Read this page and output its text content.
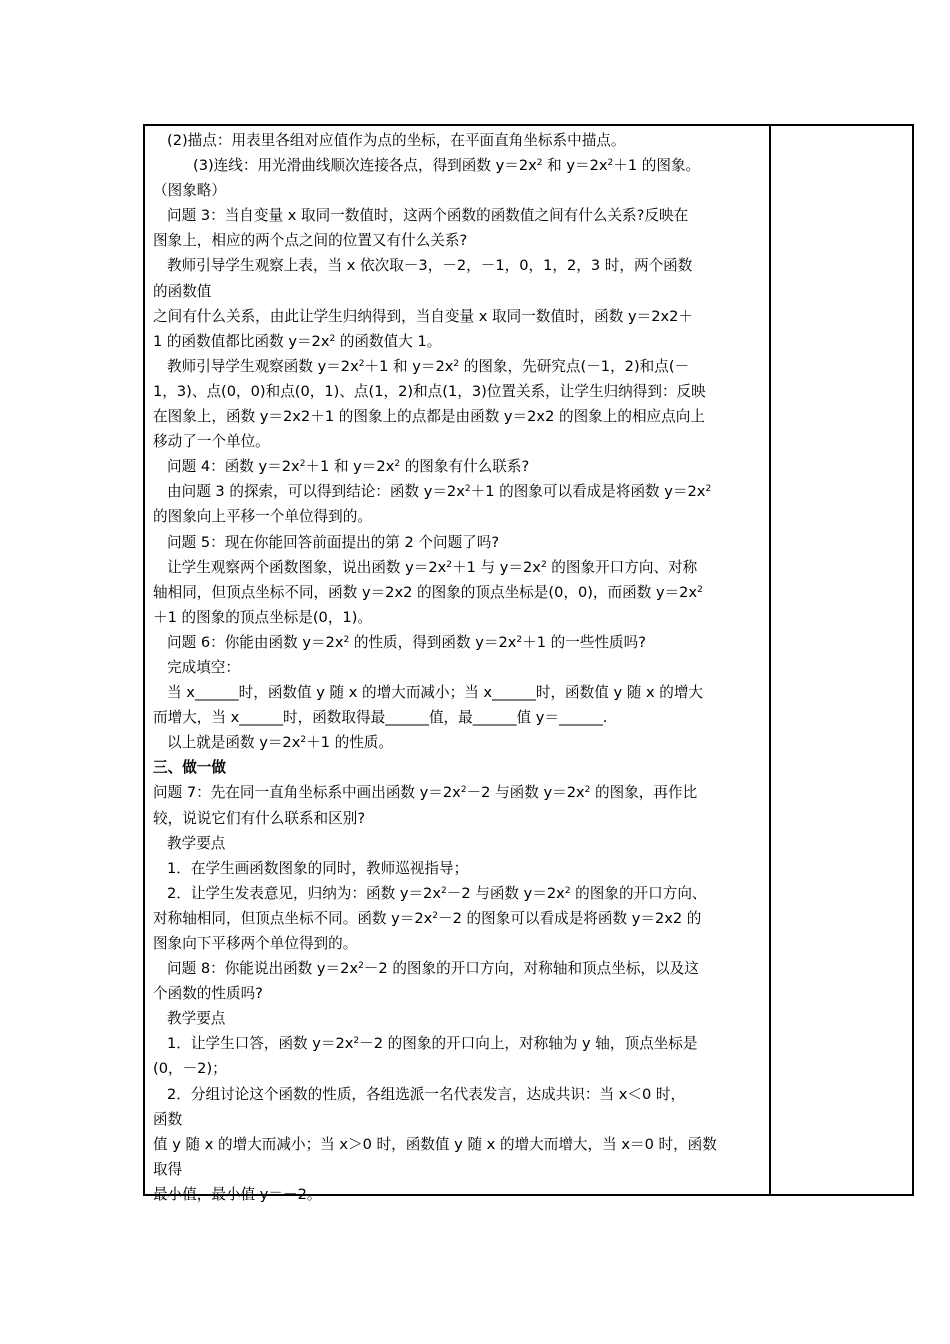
(2)描点：用表里各组对应值作为点的坐标，在平面直角坐标系中描点。
(3)连线：用光滑曲线顺次连接各点，得到函数 $y=2x^2$ 和 $y=2x^2+1$ 的图象。
（图象略）
问题 3：当自变量 x 取同一数值时，这两个函数的函数值之间有什么关系?反映在
图象上，相应的两个点之间的位置又有什么关系?
教师引导学生观察上表，当 x 依次取－3，－2，－1，0，1，2，3 时，两个函数
的函数值
之间有什么关系，由此让学生归纳得到，当自变量 x 取同一数值时，函数 y＝2x2＋
1 的函数值都比函数 $y=2x^2$ 的函数值大 1。
教师引导学生观察函数 $y=2x^2+1$ 和 $y=2x^2$ 的图象，先研究点(－1，2)和点(－
1，3)、点(0，0)和点(0，1)、点(1，2)和点(1，3)位置关系，让学生归纳得到：反映
在图象上，函数 y＝2x2＋1 的图象上的点都是由函数 y＝2x2 的图象上的相应点向上
移动了一个单位。
问题 4：函数 $y=2x^2+1$ 和 $y=2x^2$ 的图象有什么联系?
由问题 3 的探索，可以得到结论：函数 $y=2x^2+1$ 的图象可以看成是将函数 $y=2x^2$
的图象向上平移一个单位得到的。
问题 5：现在你能回答前面提出的第 2 个问题了吗?
让学生观察两个函数图象，说出函数 $y=2x^2+1$ 与 $y=2x^2$ 的图象开口方向、对称
轴相同，但顶点坐标不同，函数 y＝2x2 的图象的顶点坐标是(0，0)，而函数 $y=2x^2$
＋1 的图象的顶点坐标是(0，1)。
问题 6：你能由函数 $y=2x^2$ 的性质，得到函数 $y=2x^2+1$ 的一些性质吗?
完成填空：
当 x______时，函数值 y 随 x 的增大而减小；当 x______时，函数值 y 随 x 的增大
而增大，当 x______时，函数取得最______值，最______值 y＝______.
以上就是函数 $y=2x^2+1$ 的性质。
三、做一做
问题 7：先在同一直角坐标系中画出函数 $y=2x^2-2$ 与函数 $y=2x^2$ 的图象，再作比
较，说说它们有什么联系和区别?
教学要点
1．在学生画函数图象的同时，教师巡视指导；
2．让学生发表意见，归纳为：函数 $y=2x^2-2$ 与函数 $y=2x^2$ 的图象的开口方向、
对称轴相同，但顶点坐标不同。函数 $y=2x^2-2$ 的图象可以看成是将函数 y＝2x2 的
图象向下平移两个单位得到的。
问题 8：你能说出函数 $y=2x^2-2$ 的图象的开口方向，对称轴和顶点坐标，以及这
个函数的性质吗?
教学要点
1．让学生口答，函数 $y=2x^2-2$ 的图象的开口向上，对称轴为 y 轴，顶点坐标是
(0，－2)；
2．分组讨论这个函数的性质，各组选派一名代表发言，达成共识：当 x＜0 时，
函数
值 y 随 x 的增大而减小；当 x＞0 时，函数值 y 随 x 的增大而增大，当 x＝0 时，函数
取得
最小值，最小值 y＝－2。
